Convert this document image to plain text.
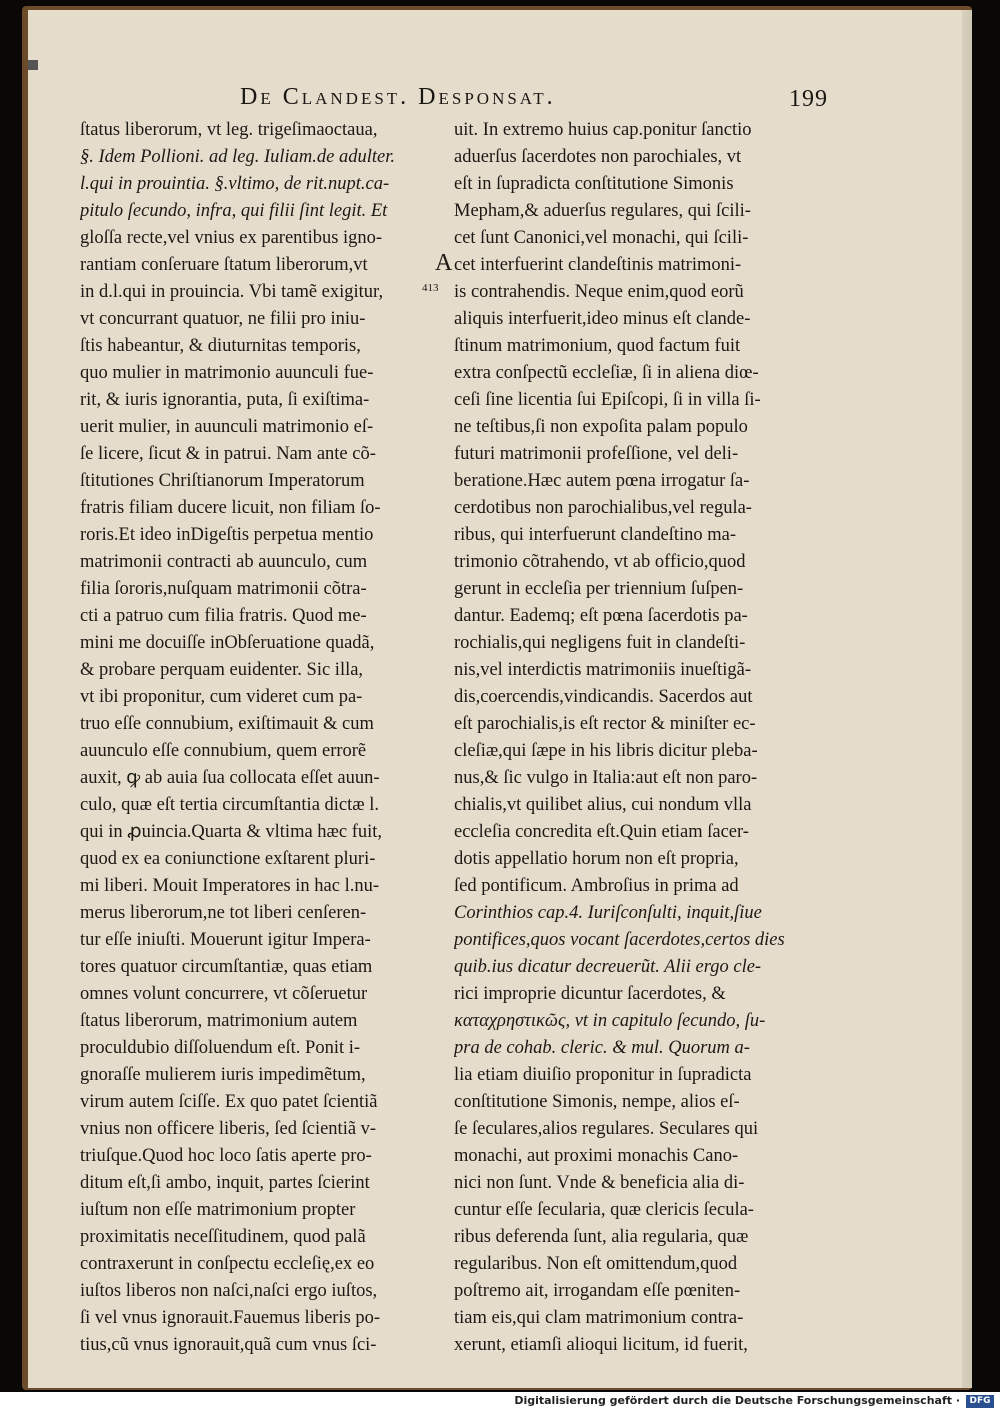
De Clandest. Desponsat.	199
ſtatus liberorum, vt leg. trigeſimaoctaua,
§. Idem Pollioni. ad leg. Iuliam.de adulter.
l.qui in prouintia. §.vltimo, de rit.nupt.ca-
pitulo ſecundo, infra, qui filii ſint legit. Et
gloſſa recte,vel vnius ex parentibus igno-
rantiam conſeruare ſtatum liberorum,vt
in d.l.qui in prouincia. Vbi tamẽ exigitur,
vt concurrant quatuor, ne filii pro iniu-
ſtis habeantur, & diuturnitas temporis,
quo mulier in matrimonio auunculi fue-
rit, & iuris ignorantia, puta, ſi exiſtima-
uerit mulier, in auunculi matrimonio eſ-
ſe licere, ſicut & in patrui. Nam ante cõ-
ſtitutiones Chriſtianorum Imperatorum
fratris filiam ducere licuit, non filiam ſo-
roris.Et ideo inDigeſtis perpetua mentio
matrimonii contracti ab auunculo, cum
filia ſororis,nuſquam matrimonii cõtra-
cti a patruo cum filia fratris. Quod me-
mini me docuiſſe inObſeruatione quadã,
& probare perquam euidenter. Sic illa,
vt ibi proponitur, cum videret cum pa-
truo eſſe connubium, exiſtimauit & cum
auunculo eſſe connubium, quem errorẽ
auxit, ꝙ ab auia ſua collocata eſſet auun-
culo, quæ eſt tertia circumſtantia dictæ l.
qui in ꝓuincia.Quarta & vltima hæc fuit,
quod ex ea coniunctione exſtarent pluri-
mi liberi. Mouit Imperatores in hac l.nu-
merus liberorum,ne tot liberi cenſeren-
tur eſſe iniuſti. Mouerunt igitur Impera-
tores quatuor circumſtantiæ, quas etiam
omnes volunt concurrere, vt cõſeruetur
ſtatus liberorum, matrimonium autem
proculdubio diſſoluendum eſt. Ponit i-
gnoraſſe mulierem iuris impedimẽtum,
virum autem ſciſſe. Ex quo patet ſcientiã
vnius non officere liberis, ſed ſcientiã v-
triuſque.Quod hoc loco ſatis aperte pro-
ditum eſt,ſi ambo, inquit, partes ſcierint
iuſtum non eſſe matrimonium propter
proximitatis neceſſitudinem, quod palã
contraxerunt in conſpectu eccleſię,ex eo
iuſtos liberos non naſci,naſci ergo iuſtos,
ſi vel vnus ignorauit.Fauemus liberis po-
tius,cũ vnus ignorauit,quã cum vnus ſci-
A
413
uit. In extremo huius cap.ponitur ſanctio
aduerſus ſacerdotes non parochiales, vt
eſt in ſupradicta conſtitutione Simonis
Mepham,& aduerſus regulares, qui ſcili-
cet ſunt Canonici,vel monachi, qui ſcili-
cet interfuerint clandeſtinis matrimoni-
is contrahendis. Neque enim,quod eorũ
aliquis interfuerit,ideo minus eſt clande-
ſtinum matrimonium, quod factum fuit
extra conſpectũ eccleſiæ, ſi in aliena diœ-
ceſi ſine licentia ſui Epiſcopi, ſi in villa ſi-
ne teſtibus,ſi non expoſita palam populo
futuri matrimonii profeſſione, vel deli-
beratione.Hæc autem pœna irrogatur ſa-
cerdotibus non parochialibus,vel regula-
ribus, qui interfuerunt clandeſtino ma-
trimonio cõtrahendo, vt ab officio,quod
gerunt in eccleſia per triennium ſuſpen-
dantur. Eademq; eſt pœna ſacerdotis pa-
rochialis,qui negligens fuit in clandeſti-
nis,vel interdictis matrimoniis inueſtigã-
dis,coercendis,vindicandis. Sacerdos aut
eſt parochialis,is eſt rector & miniſter ec-
cleſiæ,qui ſæpe in his libris dicitur pleba-
nus,& ſic vulgo in Italia:aut eſt non paro-
chialis,vt quilibet alius, cui nondum vlla
eccleſia concredita eſt.Quin etiam ſacer-
dotis appellatio horum non eſt propria,
ſed pontificum. Ambroſius in prima ad
Corinthios cap.4. Iuriſconſulti, inquit,ſiue
pontifices,quos vocant ſacerdotes,certos dies
quib.ius dicatur decreuerũt. Alii ergo cle-
rici improprie dicuntur ſacerdotes, &
καταχρηστικῶς, vt in capitulo ſecundo, ſu-
pra de cohab. cleric. & mul. Quorum a-
lia etiam diuiſio proponitur in ſupradicta
conſtitutione Simonis, nempe, alios eſ-
ſe ſeculares,alios regulares. Seculares qui
monachi, aut proximi monachis Cano-
nici non ſunt. Vnde & beneficia alia di-
cuntur eſſe ſecularia, quæ clericis ſecula-
ribus deferenda ſunt, alia regularia, quæ
regularibus. Non eſt omittendum,quod
poſtremo ait, irrogandam eſſe pœniten-
tiam eis,qui clam matrimonium contra-
xerunt, etiamſi alioqui licitum, id fuerit,
Digitalisierung gefördert durch die Deutsche Forschungsgemeinschaft ·	DFG
